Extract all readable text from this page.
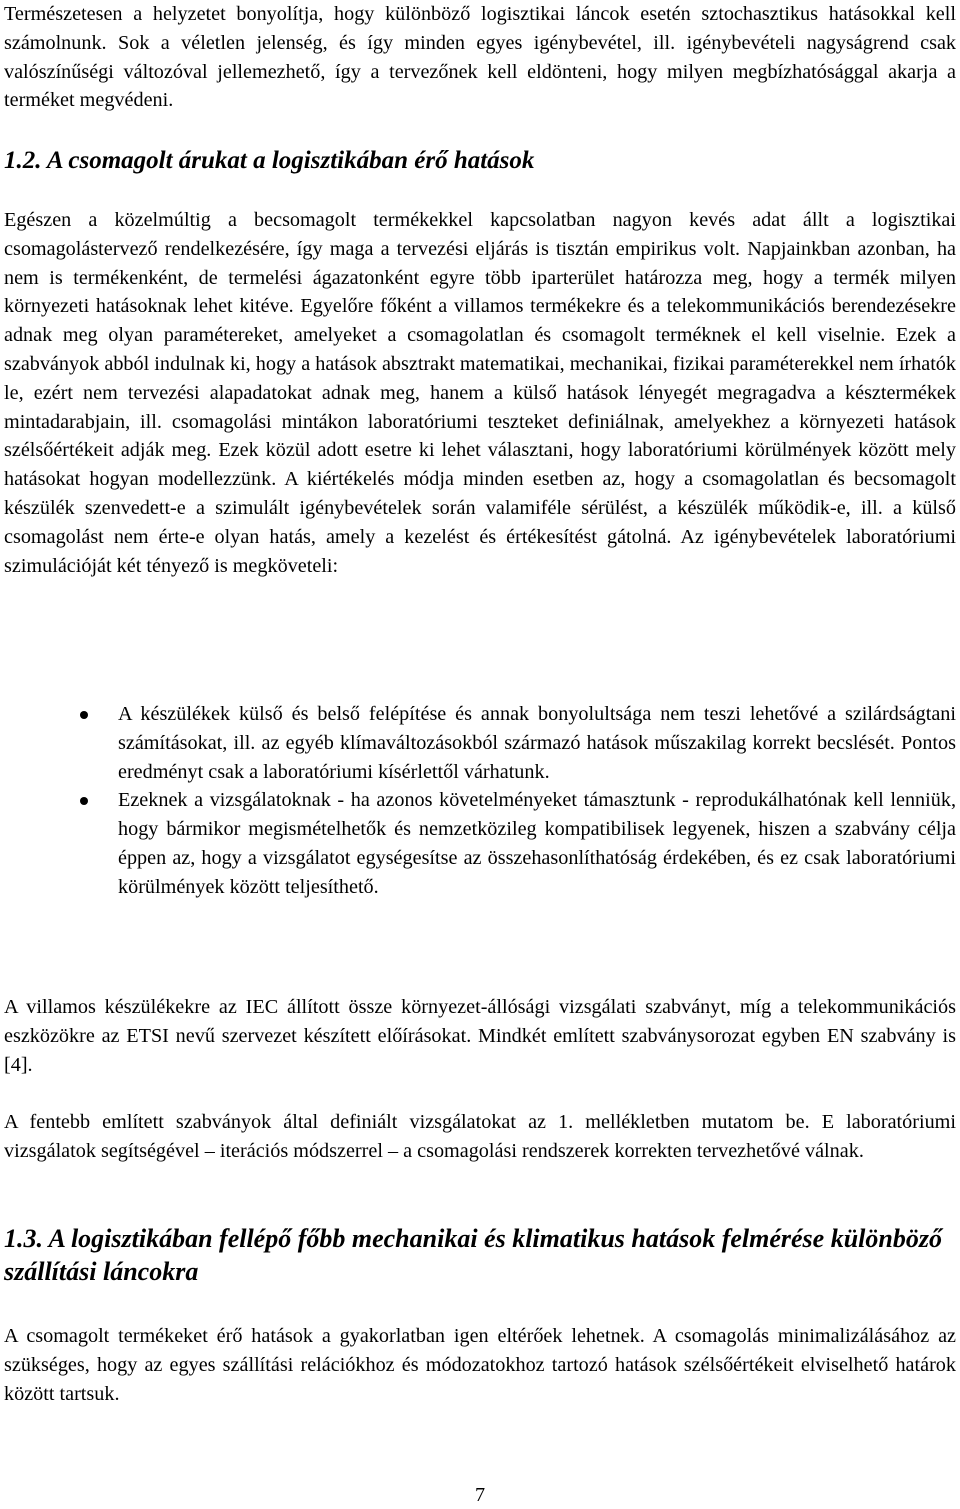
Természetesen a helyzetet bonyolítja, hogy különböző logisztikai láncok esetén sztochasztikus hatásokkal kell számolnunk. Sok a véletlen jelenség, és így minden egyes igénybevétel, ill. igénybevételi nagyságrend csak valószínűségi változóval jellemezhető, így a tervezőnek kell eldönteni, hogy milyen megbízhatósággal akarja a terméket megvédeni.

1.2. A csomagolt árukat a logisztikában érő hatások

Egészen a közelmúltig a becsomagolt termékekkel kapcsolatban nagyon kevés adat állt a logisztikai csomagolástervező rendelkezésére, így maga a tervezési eljárás is tisztán empirikus volt. Napjainkban azonban, ha nem is termékenként, de termelési ágazatonként egyre több iparterület határozza meg, hogy a termék milyen környezeti hatásoknak lehet kitéve. Egyelőre főként a villamos termékekre és a telekommunikációs berendezésekre adnak meg olyan paramétereket, amelyeket a csomagolatlan és csomagolt terméknek el kell viselnie. Ezek a szabványok abból indulnak ki, hogy a hatások absztrakt matematikai, mechanikai, fizikai paraméterekkel nem írhatók le, ezért nem tervezési alapadatokat adnak meg, hanem a külső hatások lényegét megragadva a késztermékek mintadarabjain, ill. csomagolási mintákon laboratóriumi teszteket definiálnak, amelyekhez a környezeti hatások szélsőértékeit adják meg. Ezek közül adott esetre ki lehet választani, hogy laboratóriumi körülmények között mely hatásokat hogyan modellezzünk. A kiértékelés módja minden esetben az, hogy a csomagolatlan és becsomagolt készülék szenvedett-e a szimulált igénybevételek során valamiféle sérülést, a készülék működik-e, ill. a külső csomagolást nem érte-e olyan hatás, amely a kezelést és értékesítést gátolná. Az igénybevételek laboratóriumi szimulációját két tényező is megköveteli:

A készülékek külső és belső felépítése és annak bonyolultsága nem teszi lehetővé a szilárdságtani számításokat, ill. az egyéb klímaváltozásokból származó hatások műszakilag korrekt becslését. Pontos eredményt csak a laboratóriumi kísérlettől várhatunk.
Ezeknek a vizsgálatoknak - ha azonos követelményeket támasztunk - reprodukálhatónak kell lenniük, hogy bármikor megismételhetők és nemzetközileg kompatibilisek legyenek, hiszen a szabvány célja éppen az, hogy a vizsgálatot egységesítse az összehasonlíthatóság érdekében, és ez csak laboratóriumi körülmények között teljesíthető.

A villamos készülékekre az IEC állított össze környezet-állósági vizsgálati szabványt, míg a telekommunikációs eszközökre az ETSI nevű szervezet készített előírásokat. Mindkét említett szabványsorozat egyben EN szabvány is [4].

A fentebb említett szabványok által definiált vizsgálatokat az 1. mellékletben mutatom be. E laboratóriumi vizsgálatok segítségével – iterációs módszerrel – a csomagolási rendszerek korrekten tervezhetővé válnak.

1.3. A logisztikában fellépő főbb mechanikai és klimatikus hatások felmérése különböző szállítási láncokra

A csomagolt termékeket érő hatások a gyakorlatban igen eltérőek lehetnek. A csomagolás minimalizálásához az szükséges, hogy az egyes szállítási relációkhoz és módozatokhoz tartozó hatások szélsőértékeit elviselhető határok között tartsuk.

7
